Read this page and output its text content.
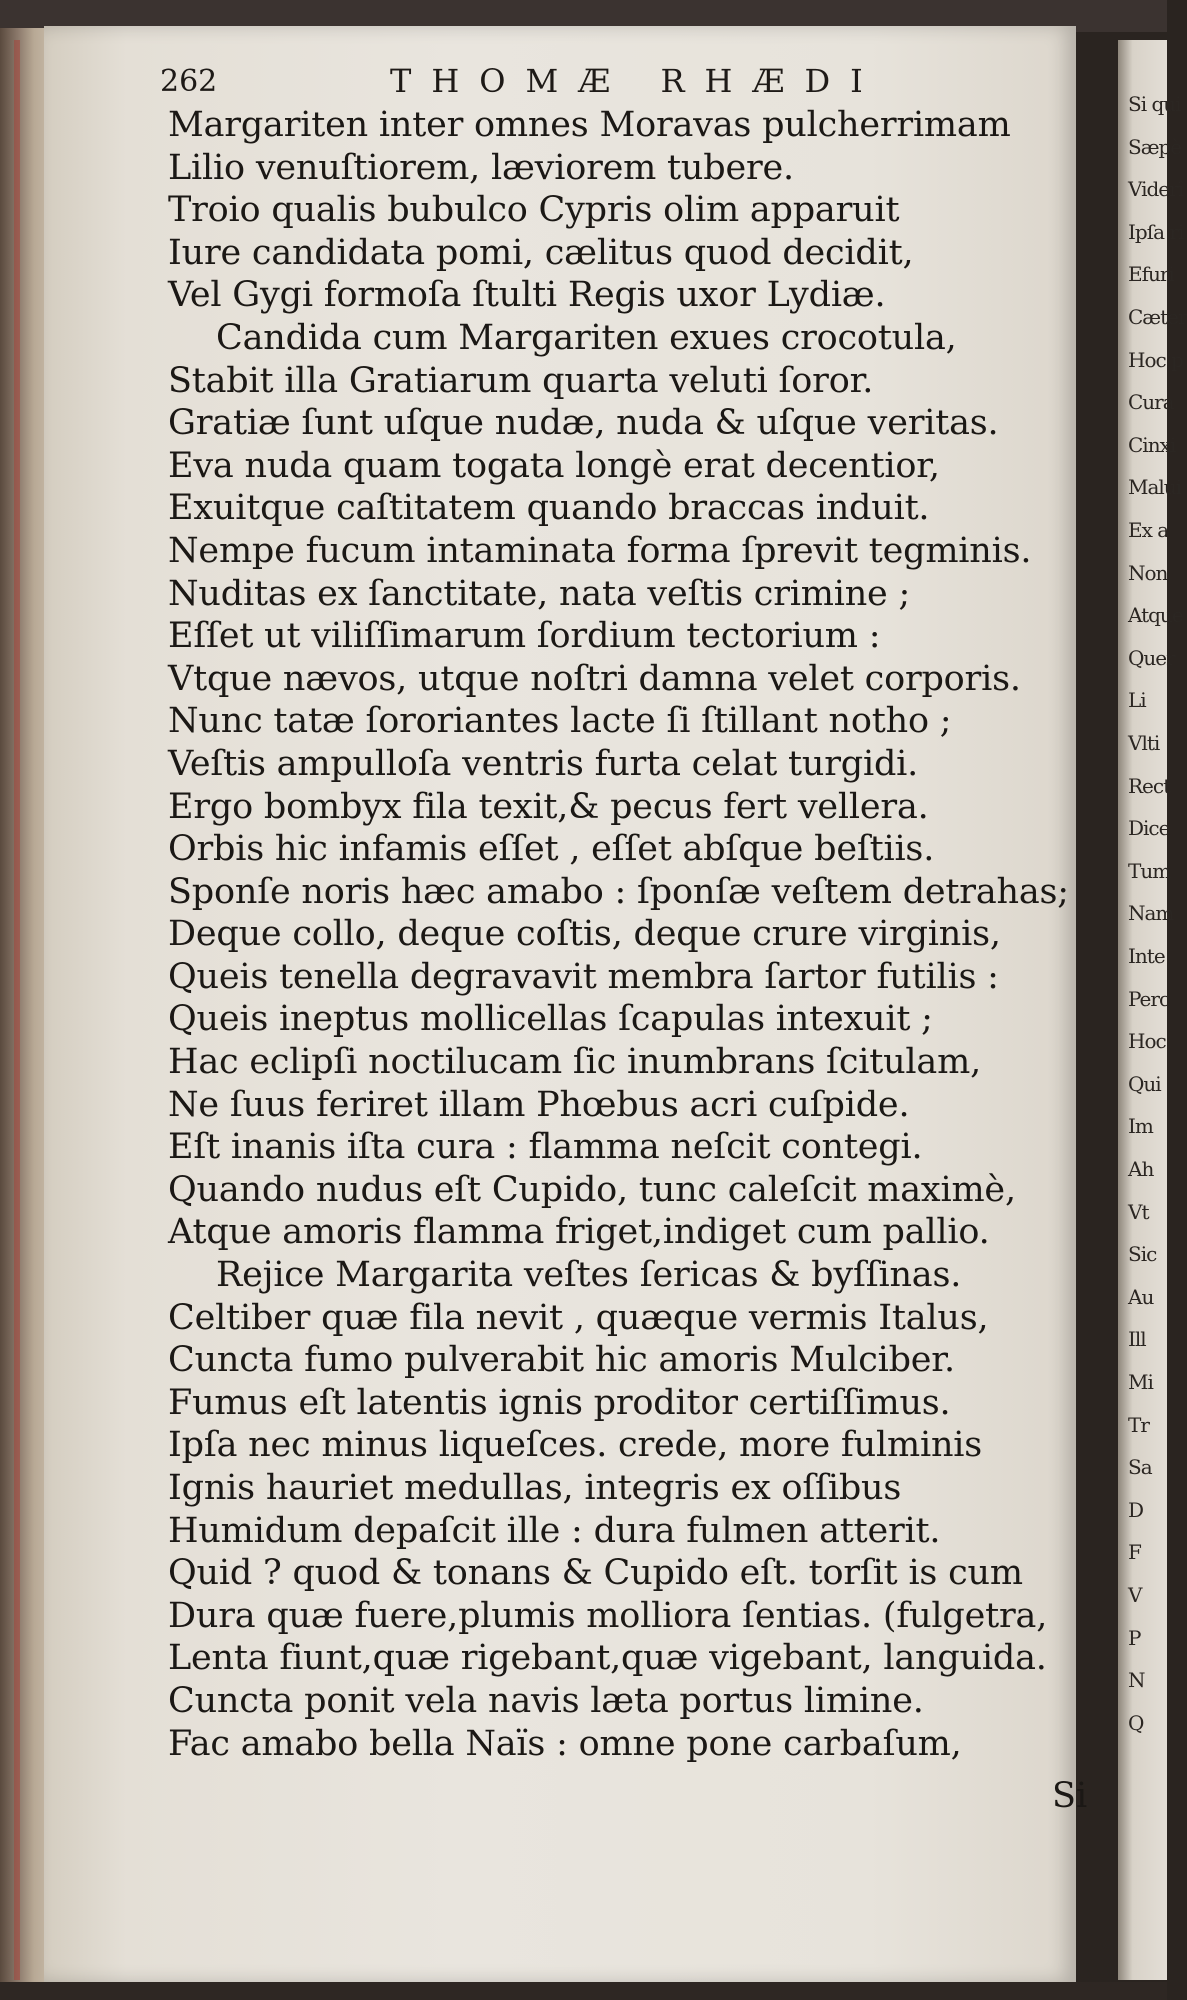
Si qui
Sæpè
Viderî
Ipſa ri
Efuri
Cæter
Hoc p
Cura
Cinxi
Malui
Ex a
Non
Atque
Quer
Li
Vlti
Rect
Dice
Tum
Nam
Inte
Perc
Hoc
Qui
Im
Ah
Vt
Sic
Au
Ill
Mi
Tr
Sa
D
F
V
P
N
Q
262	THOMÆ RHÆDI
Margariten inter omnes Moravas pulcherrimam
Lilio venuſtiorem, læviorem tubere.
Troio qualis bubulco Cypris olim apparuit
Iure candidata pomi, cælitus quod decidit,
Vel Gygi formoſa ſtulti Regis uxor Lydiæ.
Candida cum Margariten exues crocotula,
Stabit illa Gratiarum quarta veluti ſoror.
Gratiæ ſunt uſque nudæ, nuda & uſque veritas.
Eva nuda quam togata longè erat decentior,
Exuitque caſtitatem quando braccas induit.
Nempe fucum intaminata forma ſprevit tegminis.
Nuditas ex ſanctitate, nata veſtis crimine ;
Eſſet ut viliſſimarum ſordium tectorium :
Vtque nævos, utque noſtri damna velet corporis.
Nunc tatæ ſororiantes lacte ſi ſtillant notho ;
Veſtis ampulloſa ventris furta celat turgidi.
Ergo bombyx fila texit,& pecus fert vellera.
Orbis hic infamis eſſet , eſſet abſque beſtiis.
Sponſe noris hæc amabo : ſponſæ veſtem detrahas;
Deque collo, deque coſtis, deque crure virginis,
Queis tenella degravavit membra ſartor futilis :
Queis ineptus mollicellas ſcapulas intexuit ;
Hac eclipſi noctilucam ſic inumbrans ſcitulam,
Ne ſuus feriret illam Phœbus acri cuſpide.
Eſt inanis iſta cura : flamma neſcit contegi.
Quando nudus eſt Cupido, tunc caleſcit maximè,
Atque amoris flamma friget,indiget cum pallio.
Rejice Margarita veſtes ſericas & byſſinas.
Celtiber quæ fila nevit , quæque vermis Italus,
Cuncta fumo pulverabit hic amoris Mulciber.
Fumus eſt latentis ignis proditor certiſſimus.
Ipſa nec minus liqueſces. crede, more fulminis
Ignis hauriet medullas, integris ex oſſibus
Humidum depaſcit ille : dura fulmen atterit.
Quid ? quod & tonans & Cupido eſt. torſit is cum
Dura quæ fuere,plumis molliora ſentias. (fulgetra,
Lenta fiunt,quæ rigebant,quæ vigebant, languida.
Cuncta ponit vela navis læta portus limine.
Fac amabo bella Naïs : omne pone carbaſum,
Si
